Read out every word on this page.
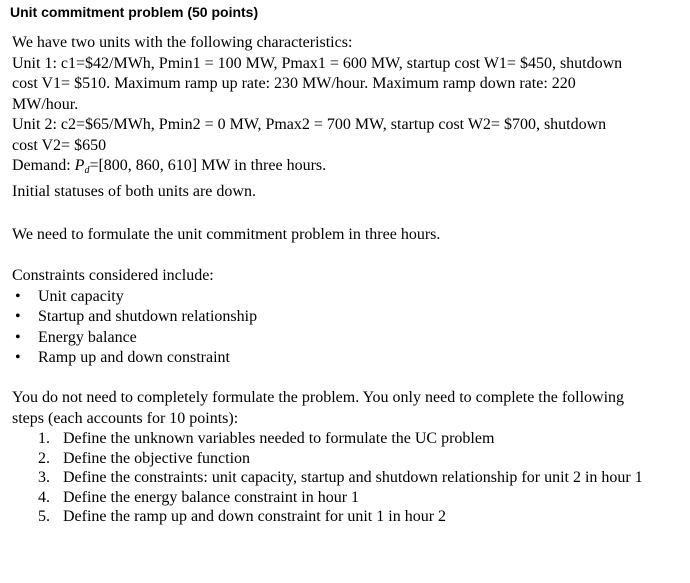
Unit commitment problem (50 points)
We have two units with the following characteristics:
Unit 1: c1=$42/MWh, Pmin1 = 100 MW, Pmax1 = 600 MW, startup cost W1= $450, shutdown
cost V1= $510. Maximum ramp up rate: 230 MW/hour. Maximum ramp down rate: 220
MW/hour.
Unit 2: c2=$65/MWh, Pmin2 = 0 MW, Pmax2 = 700 MW, startup cost W2= $700, shutdown
cost V2= $650
Demand: Pd=[800, 860, 610] MW in three hours.
Initial statuses of both units are down.
We need to formulate the unit commitment problem in three hours.
Constraints considered include:
• Unit capacity
• Startup and shutdown relationship
• Energy balance
• Ramp up and down constraint
You do not need to completely formulate the problem. You only need to complete the following
steps (each accounts for 10 points):
1. Define the unknown variables needed to formulate the UC problem
2. Define the objective function
3. Define the constraints: unit capacity, startup and shutdown relationship for unit 2 in hour 1
4. Define the energy balance constraint in hour 1
5. Define the ramp up and down constraint for unit 1 in hour 2
